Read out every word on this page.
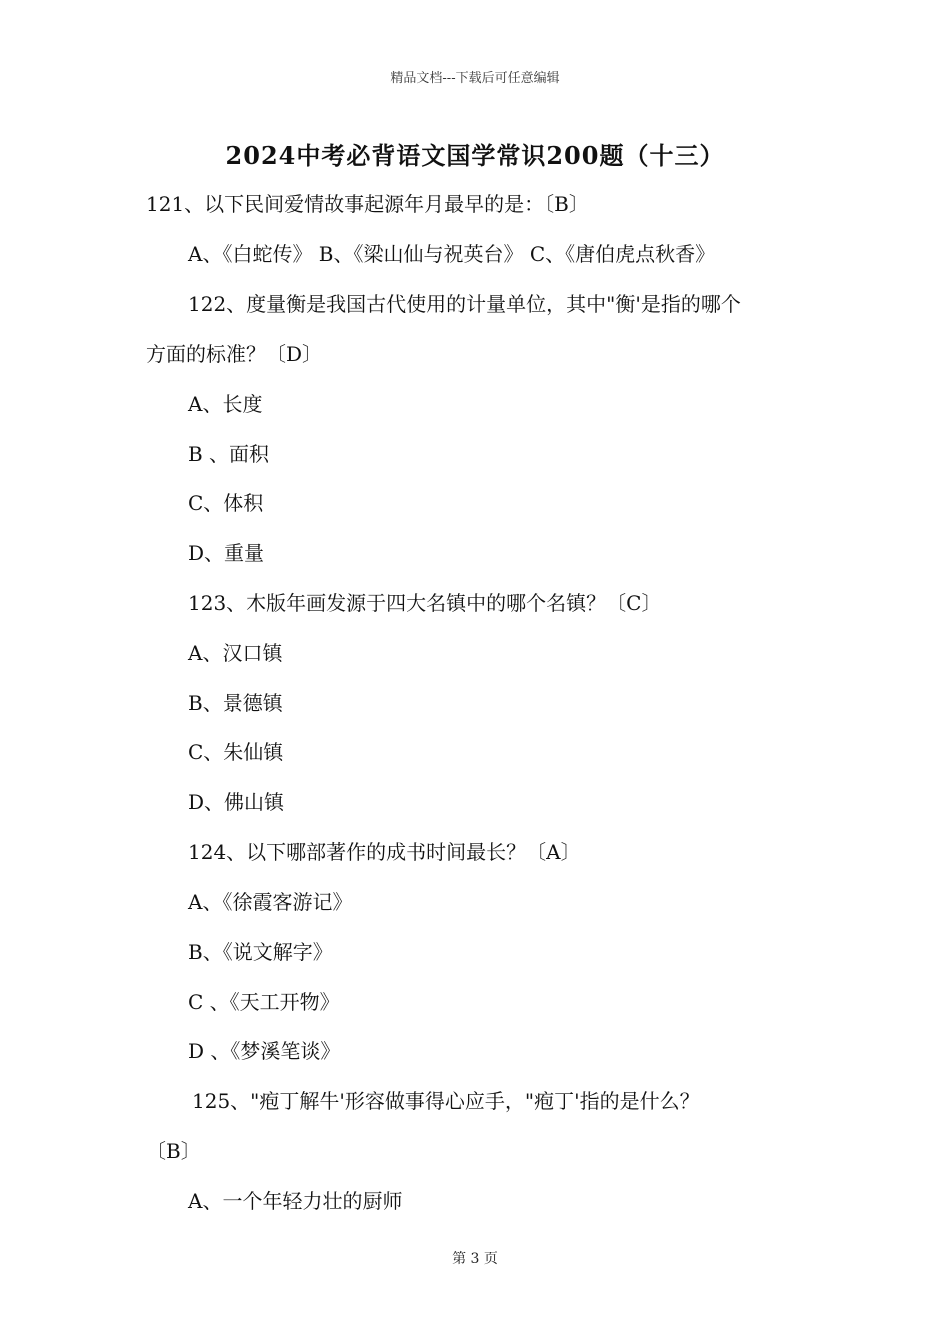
精品文档---下载后可任意编辑
2024中考必背语文国学常识200题（十三）
121、以下民间爱情故事起源年月最早的是：〔B〕
A、《白蛇传》 B、《梁山仙与祝英台》 C、《唐伯虎点秋香》
122、度量衡是我国古代使用的计量单位，其中"衡'是指的哪个
方面的标准？〔D〕
A、长度
B 、面积
C、体积
D、重量
123、木版年画发源于四大名镇中的哪个名镇？〔C〕
A、汉口镇
B、景德镇
C、朱仙镇
D、佛山镇
124、以下哪部著作的成书时间最长？〔A〕
A、《徐霞客游记》
B、《说文解字》
C 、《天工开物》
D 、《梦溪笔谈》
125、"疱丁解牛'形容做事得心应手，"疱丁'指的是什么？
〔B〕
A、一个年轻力壮的厨师
第 3 页
